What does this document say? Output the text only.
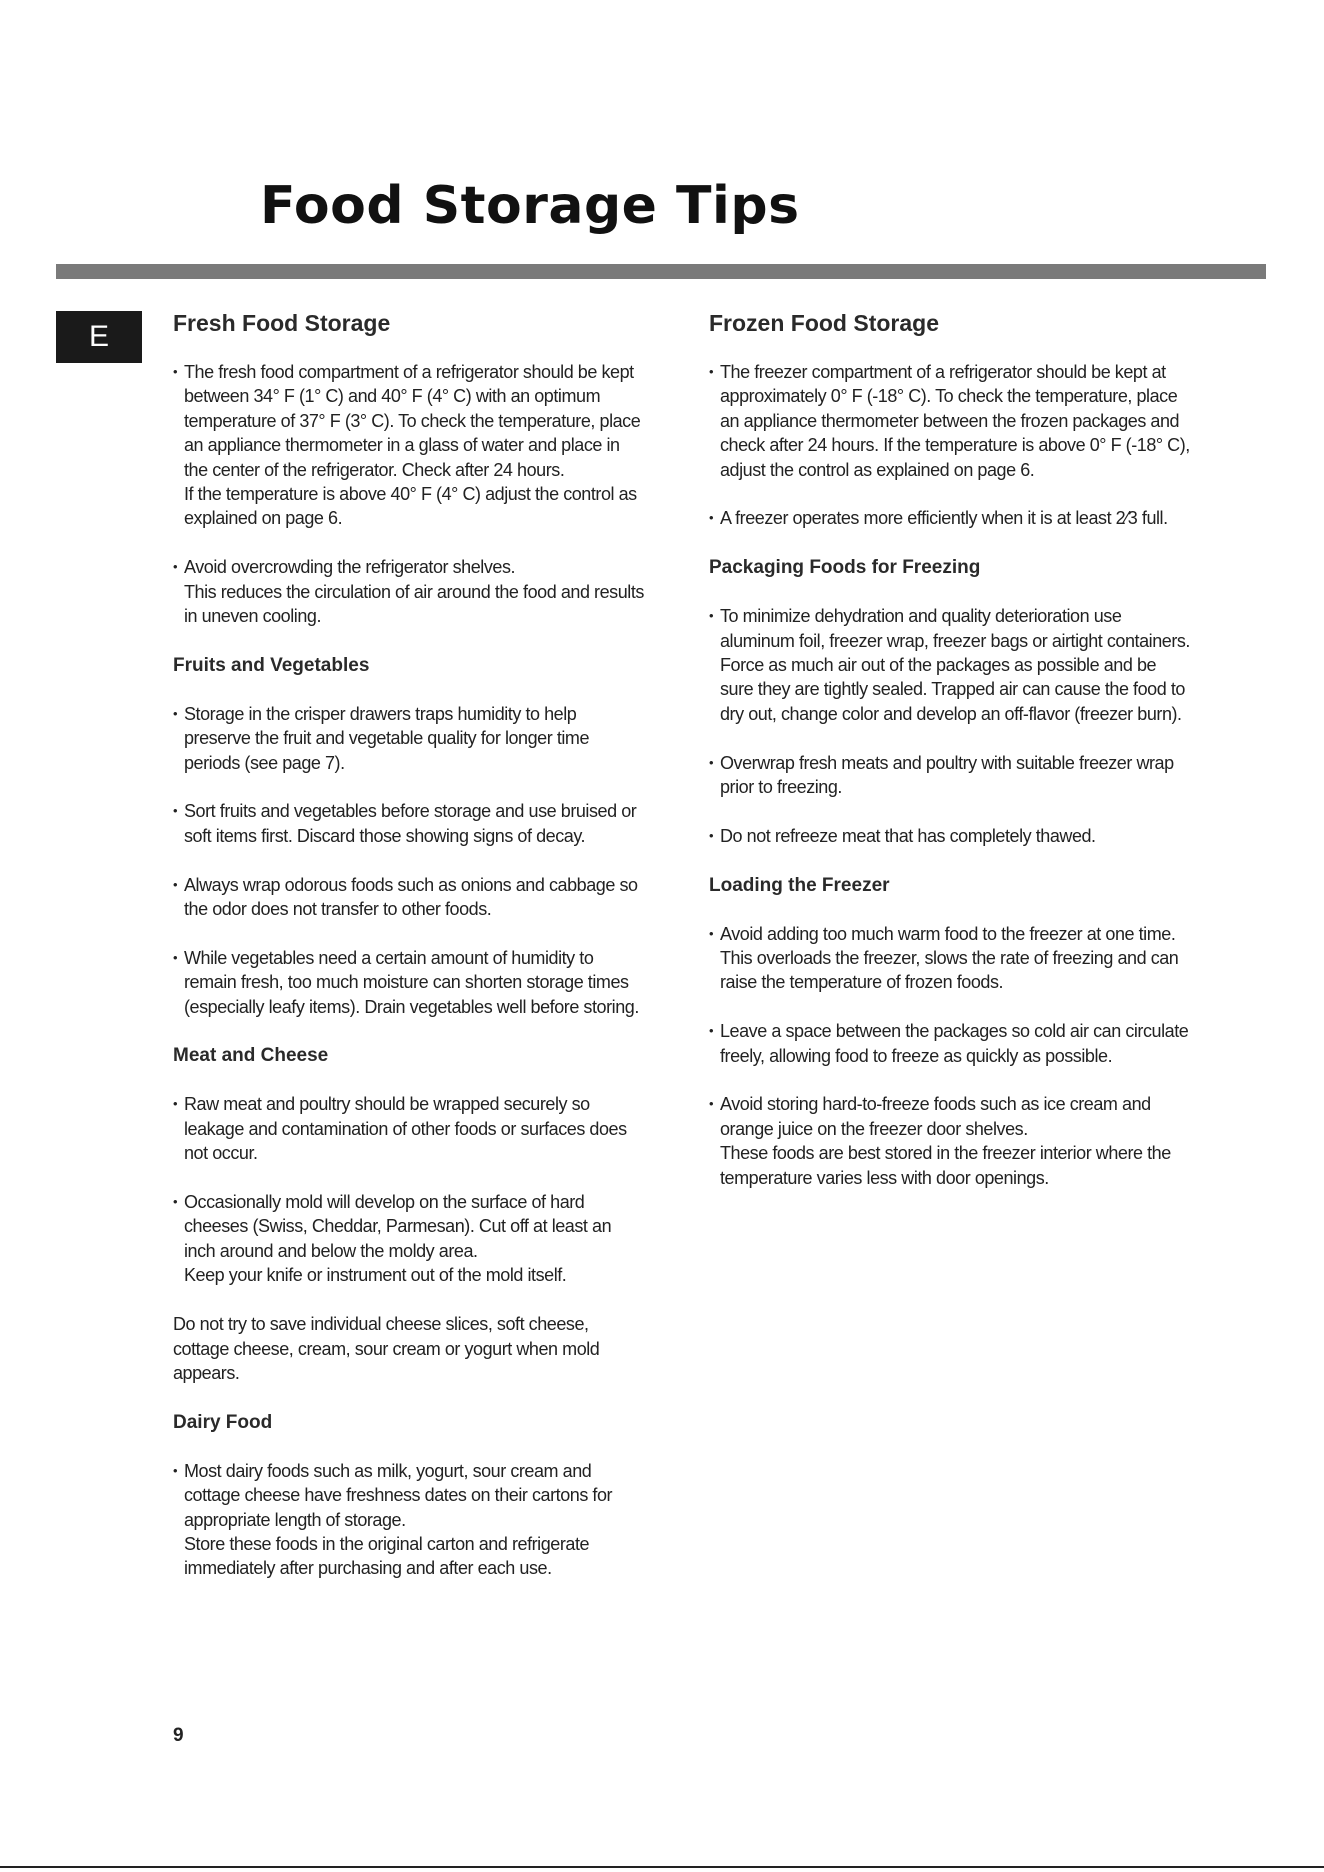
Food Storage Tips
E	Fresh Food Storage

• The fresh food compartment of a refrigerator should be kept
between 34° F (1° C) and 40° F (4° C) with an optimum
temperature of 37° F (3° C). To check the temperature, place
an appliance thermometer in a glass of water and place in
the center of the refrigerator. Check after 24 hours.
If the temperature is above 40° F (4° C) adjust the control as
explained on page 6.

• Avoid overcrowding the refrigerator shelves.
This reduces the circulation of air around the food and results
in uneven cooling.

Fruits and Vegetables

• Storage in the crisper drawers traps humidity to help
preserve the fruit and vegetable quality for longer time
periods (see page 7).

• Sort fruits and vegetables before storage and use bruised or
soft items first. Discard those showing signs of decay.

• Always wrap odorous foods such as onions and cabbage so
the odor does not transfer to other foods.

• While vegetables need a certain amount of humidity to
remain fresh, too much moisture can shorten storage times
(especially leafy items). Drain vegetables well before storing.

Meat and Cheese

• Raw meat and poultry should be wrapped securely so
leakage and contamination of other foods or surfaces does
not occur.

• Occasionally mold will develop on the surface of hard
cheeses (Swiss, Cheddar, Parmesan). Cut off at least an
inch around and below the moldy area.
Keep your knife or instrument out of the mold itself.

Do not try to save individual cheese slices, soft cheese,
cottage cheese, cream, sour cream or yogurt when mold
appears.

Dairy Food

• Most dairy foods such as milk, yogurt, sour cream and
cottage cheese have freshness dates on their cartons for
appropriate length of storage.
Store these foods in the original carton and refrigerate
immediately after purchasing and after each use.

Frozen Food Storage

• The freezer compartment of a refrigerator should be kept at
approximately 0° F (-18° C). To check the temperature, place
an appliance thermometer between the frozen packages and
check after 24 hours. If the temperature is above 0° F (-18° C),
adjust the control as explained on page 6.

• A freezer operates more efficiently when it is at least 2⁄3 full.

Packaging Foods for Freezing

• To minimize dehydration and quality deterioration use
aluminum foil, freezer wrap, freezer bags or airtight containers.
Force as much air out of the packages as possible and be
sure they are tightly sealed. Trapped air can cause the food to
dry out, change color and develop an off-flavor (freezer burn).

• Overwrap fresh meats and poultry with suitable freezer wrap
prior to freezing.

• Do not refreeze meat that has completely thawed.

Loading the Freezer

• Avoid adding too much warm food to the freezer at one time.
This overloads the freezer, slows the rate of freezing and can
raise the temperature of frozen foods.

• Leave a space between the packages so cold air can circulate
freely, allowing food to freeze as quickly as possible.

• Avoid storing hard-to-freeze foods such as ice cream and
orange juice on the freezer door shelves.
These foods are best stored in the freezer interior where the
temperature varies less with door openings.

9
